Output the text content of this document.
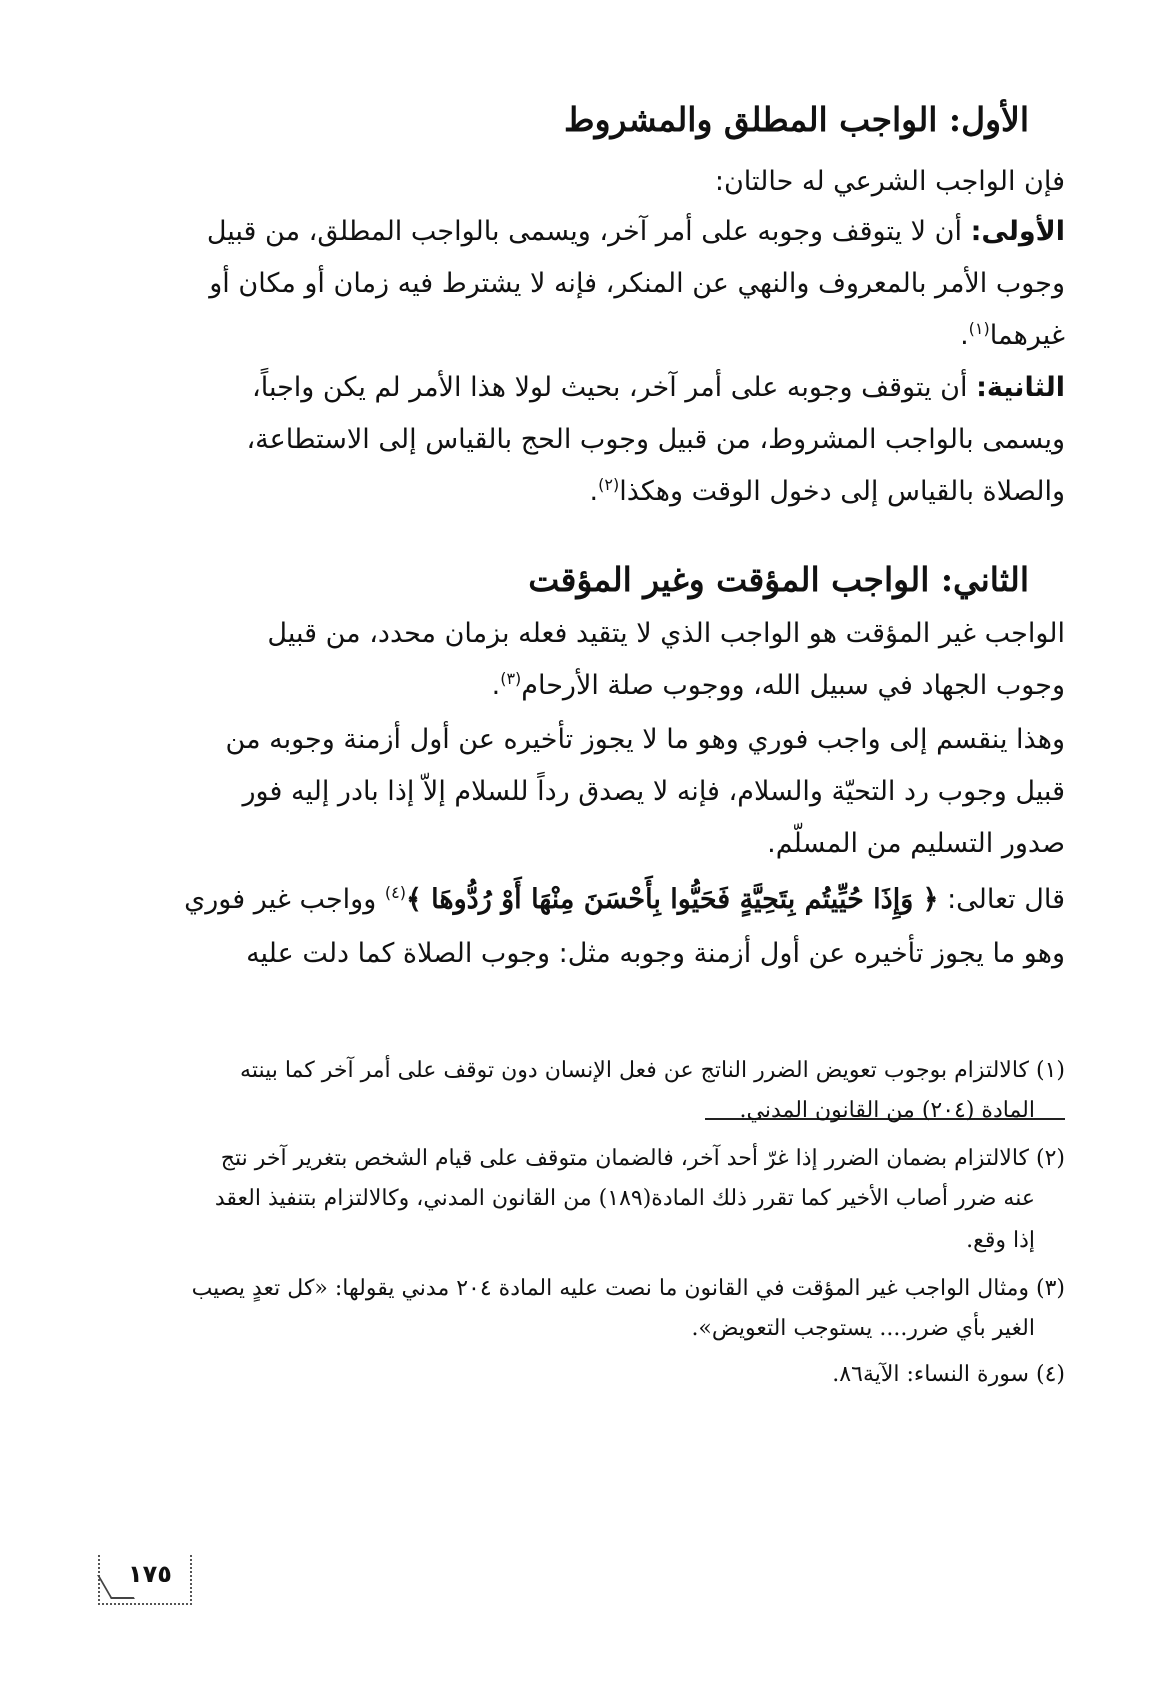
الأول: الواجب المطلق والمشروط
فإن الواجب الشرعي له حالتان:
الأولى: أن لا يتوقف وجوبه على أمر آخر، ويسمى بالواجب المطلق، من قبيل
وجوب الأمر بالمعروف والنهي عن المنكر، فإنه لا يشترط فيه زمان أو مكان أو
غيرهما$^{(١)}$.
الثانية: أن يتوقف وجوبه على أمر آخر، بحيث لولا هذا الأمر لم يكن واجباً،
ويسمى بالواجب المشروط، من قبيل وجوب الحج بالقياس إلى الاستطاعة،
والصلاة بالقياس إلى دخول الوقت وهكذا$^{(٢)}$.
الثاني: الواجب المؤقت وغير المؤقت
الواجب غير المؤقت هو الواجب الذي لا يتقيد فعله بزمان محدد، من قبيل
وجوب الجهاد في سبيل الله، ووجوب صلة الأرحام$^{(٣)}$.
وهذا ينقسم إلى واجب فوري وهو ما لا يجوز تأخيره عن أول أزمنة وجوبه من
قبيل وجوب رد التحيّة والسلام، فإنه لا يصدق رداً للسلام إلاّ إذا بادر إليه فور
صدور التسليم من المسلّم.
قال تعالى: ﴿ وَإِذَا حُيِّيتُم بِتَحِيَّةٍ فَحَيُّوا بِأَحْسَنَ مِنْهَا أَوْ رُدُّوهَا ﴾$^{(٤)}$ وواجب غير فوري
وهو ما يجوز تأخيره عن أول أزمنة وجوبه مثل: وجوب الصلاة كما دلت عليه
(١) كالالتزام بوجوب تعويض الضرر الناتج عن فعل الإنسان دون توقف على أمر آخر كما بينته
المادة (٢٠٤) من القانون المدني.
(٢) كالالتزام بضمان الضرر إذا غرّ أحد آخر، فالضمان متوقف على قيام الشخص بتغرير آخر نتج
عنه ضرر أصاب الأخير كما تقرر ذلك المادة(١٨٩) من القانون المدني، وكالالتزام بتنفيذ العقد
إذا وقع.
(٣) ومثال الواجب غير المؤقت في القانون ما نصت عليه المادة ٢٠٤ مدني يقولها: «كل تعدٍ يصيب
الغير بأي ضرر.... يستوجب التعويض».
(٤) سورة النساء: الآية٨٦.
١٧٥
